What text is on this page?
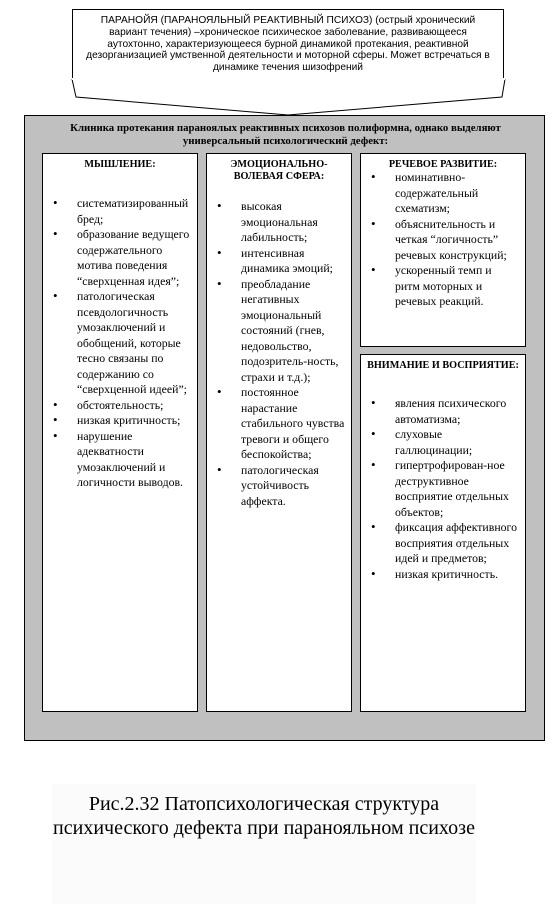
ПАРАНОЙЯ (ПАРАНОЯЛЬНЫЙ РЕАКТИВНЫЙ ПСИХОЗ) (острый хронический вариант течения) –хроническое психическое заболевание, развивающееся аутохтонно, характеризующееся бурной динамикой протекания, реактивной дезорганизацией умственной деятельности и моторной сферы. Может встречаться в динамике течения шизофрений
Клиника протекания параноялых реактивных психозов полиформна, однако выделяют универсальный психологический дефект:
МЫШЛЕНИЕ:
• систематизированный бред;
• образование ведущего содержательного мотива поведения “сверхценная идея”;
• патологическая псевдологичность умозаключений и обобщений, которые тесно связаны по содержанию со “сверхценной идеей”;
• обстоятельность;
• низкая критичность;
• нарушение адекватности умозаключений и логичности выводов.
ЭМОЦИОНАЛЬНО-ВОЛЕВАЯ СФЕРА:
• высокая эмоциональная лабильность;
• интенсивная динамика эмоций;
• преобладание негативных эмоциональный состояний (гнев, недовольство, подозритель-ность, страхи и т.д.);
• постоянное нарастание стабильного чувства тревоги и общего беспокойства;
• патологическая устойчивость аффекта.
РЕЧЕВОЕ РАЗВИТИЕ:
• номинативно-содержательный схематизм;
• объяснительность и четкая “логичность” речевых конструкций;
• ускоренный темп и ритм моторных и речевых реакций.
ВНИМАНИЕ И ВОСПРИЯТИЕ:
• явления психического автоматизма;
• слуховые галлюцинации;
• гипертрофирован-ное деструктивное восприятие отдельных объектов;
• фиксация аффективного восприятия отдельных идей и предметов;
• низкая критичность.
Рис.2.32 Патопсихологическая структура психического дефекта при паранояльном психозе
